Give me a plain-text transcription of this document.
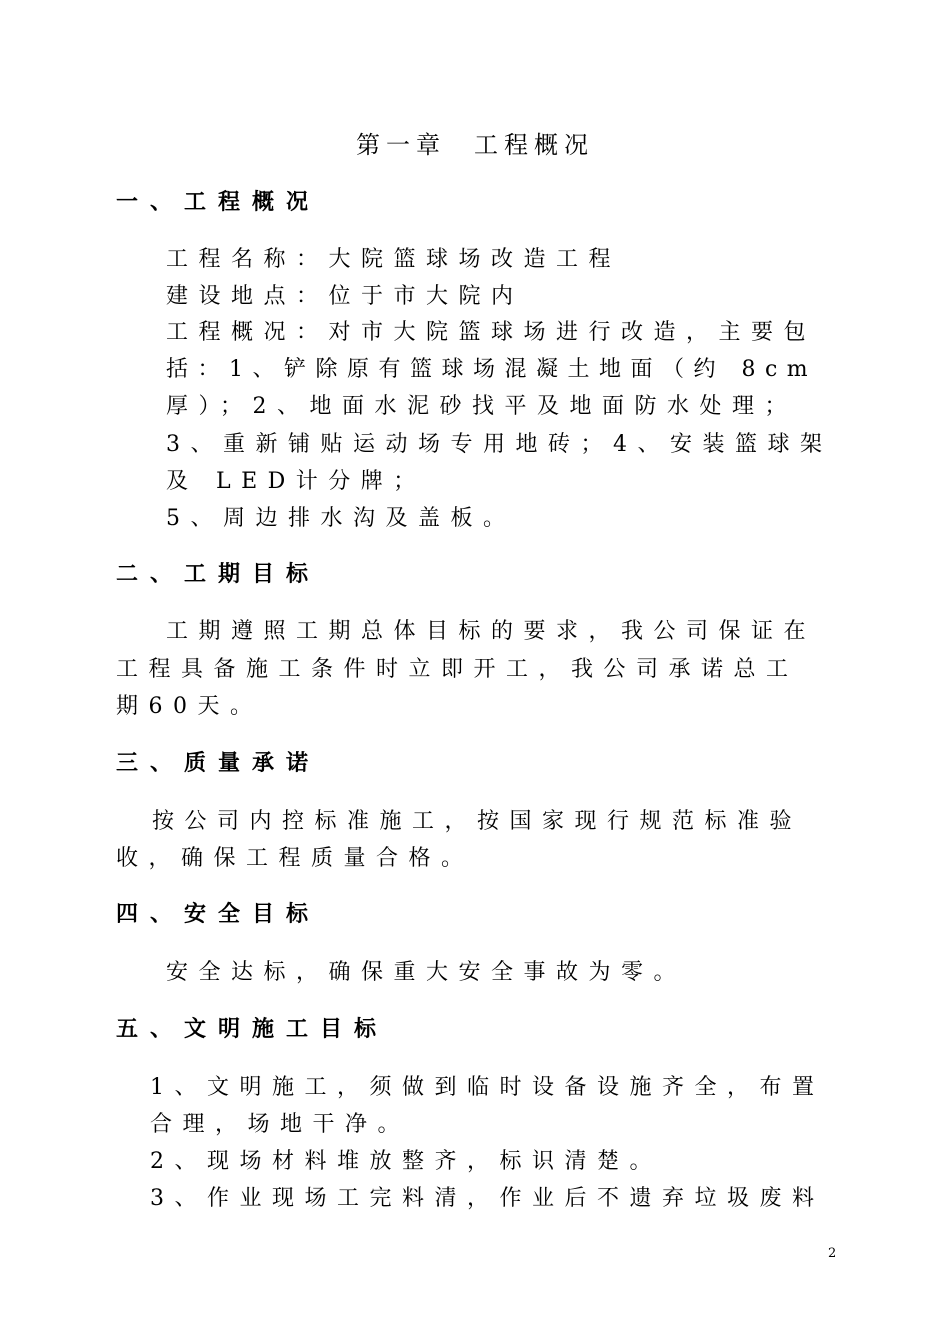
第一章 工程概况
一、工程概况
工程名称：大院篮球场改造工程
建设地点：位于市大院内
工程概况：对市大院篮球场进行改造，主要包
括：1、铲除原有篮球场混凝土地面（约 8cm
厚）；2、地面水泥砂找平及地面防水处理；
3、重新铺贴运动场专用地砖；4、安装篮球架
及 LED计分牌；
5、周边排水沟及盖板。
二、工期目标
工期遵照工期总体目标的要求，我公司保证在
工程具备施工条件时立即开工，我公司承诺总工
期60天。
三、质量承诺
按公司内控标准施工，按国家现行规范标准验
收，确保工程质量合格。
四、安全目标
安全达标，确保重大安全事故为零。
五、文明施工目标
1、文明施工，须做到临时设备设施齐全，布置
合理，场地干净。
2、现场材料堆放整齐，标识清楚。
3、作业现场工完料清，作业后不遗弃垃圾废料
2
